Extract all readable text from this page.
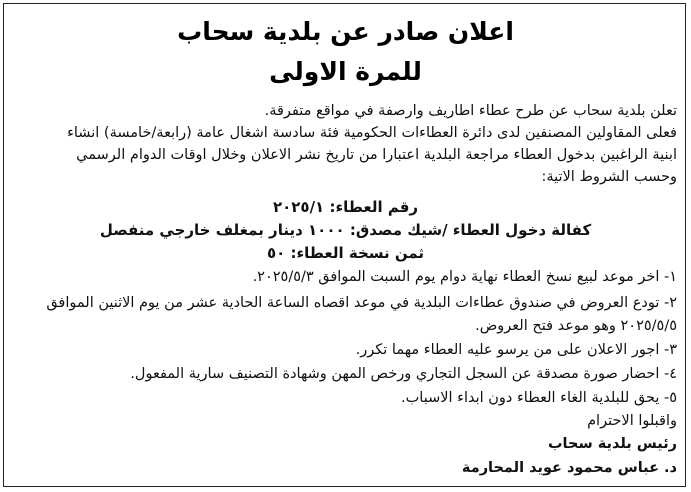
اعلان صادر عن بلدية سحاب
للمرة الاولى
تعلن بلدية سحاب عن طرح عطاء اطاريف وارصفة في مواقع متفرقة.
فعلى المقاولين المصنفين لدى دائرة العطاءات الحكومية فئة سادسة اشغال عامة (رابعة/خامسة) انشاء
ابنية الراغبين بدخول العطاء مراجعة البلدية اعتبارا من تاريخ نشر الاعلان وخلال اوقات الدوام الرسمي
وحسب الشروط الاتية:
رقم العطاء: ٢٠٢٥/١
كفالة دخول العطاء /شيك مصدق: ١٠٠٠ دينار بمغلف خارجي منفصل
ثمن نسخة العطاء: ٥٠
١- اخر موعد لبيع نسخ العطاء نهاية دوام يوم السبت الموافق ٢٠٢٥/٥/٣.
٢- تودع العروض في صندوق عطاءات البلدية في موعد اقصاه الساعة الحادية عشر من يوم الاثنين الموافق
٢٠٢٥/٥/٥ وهو موعد فتح العروض.
٣- اجور الاعلان على من يرسو عليه العطاء مهما تكرر.
٤- احضار صورة مصدقة عن السجل التجاري ورخص المهن وشهادة التصنيف سارية المفعول.
٥- يحق للبلدية الغاء العطاء دون ابداء الاسباب.
واقبلوا الاحترام
رئيس بلدية سحاب
د. عباس محمود عويد المحارمة
